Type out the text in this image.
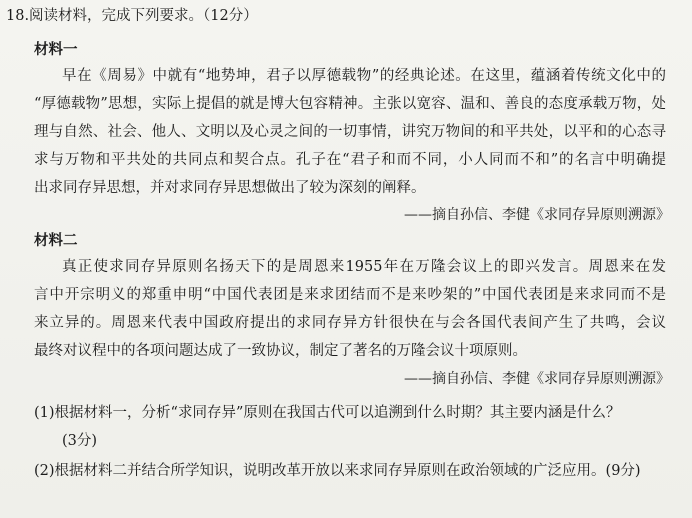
18.阅读材料，完成下列要求。（12分）
材料一
早在《周易》中就有“地势坤，君子以厚德载物”的经典论述。在这里，蕴涵着传统文化中的
“厚德载物”思想，实际上提倡的就是博大包容精神。主张以宽容、温和、善良的态度承载万物，处
理与自然、社会、他人、文明以及心灵之间的一切事情，讲究万物间的和平共处，以平和的心态寻
求与万物和平共处的共同点和契合点。孔子在“君子和而不同，小人同而不和”的名言中明确提
出求同存异思想，并对求同存异思想做出了较为深刻的阐释。
——摘自孙信、李健《求同存异原则溯源》
材料二
真正使求同存异原则名扬天下的是周恩来1955年在万隆会议上的即兴发言。周恩来在发
言中开宗明义的郑重申明“中国代表团是来求团结而不是来吵架的”中国代表团是来求同而不是
来立异的。周恩来代表中国政府提出的求同存异方针很快在与会各国代表间产生了共鸣，会议
最终对议程中的各项问题达成了一致协议，制定了著名的万隆会议十项原则。
——摘自孙信、李健《求同存异原则溯源》
(1)根据材料一，分析“求同存异”原则在我国古代可以追溯到什么时期？其主要内涵是什么？
(3分)
(2)根据材料二并结合所学知识，说明改革开放以来求同存异原则在政治领域的广泛应用。(9分)
